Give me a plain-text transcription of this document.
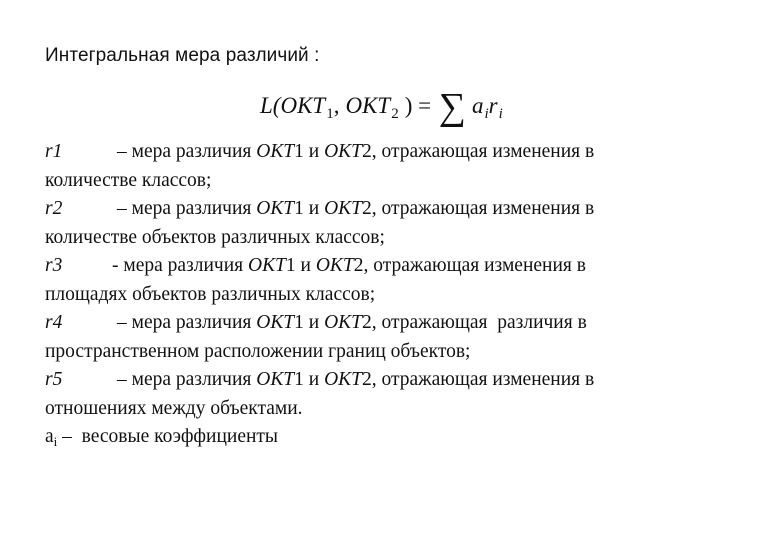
Интегральная мера различий :
L( OKT 1 , OKT 2 ) = ∑ a i r i

r1	– мера различия ОКТ1 и ОКТ2, отражающая изменения в
количестве классов;

r2	– мера различия ОКТ1 и ОКТ2, отражающая изменения в
количестве объектов различных классов;

r3	- мера различия ОКТ1 и ОКТ2, отражающая изменения в
площадях объектов различных классов;

r4	– мера различия ОКТ1 и ОКТ2, отражающая  различия в
пространственном расположении границ объектов;

r5	– мера различия ОКТ1 и ОКТ2, отражающая изменения в
отношениях между объектами.

$a_i$ –  весовые коэффициенты
